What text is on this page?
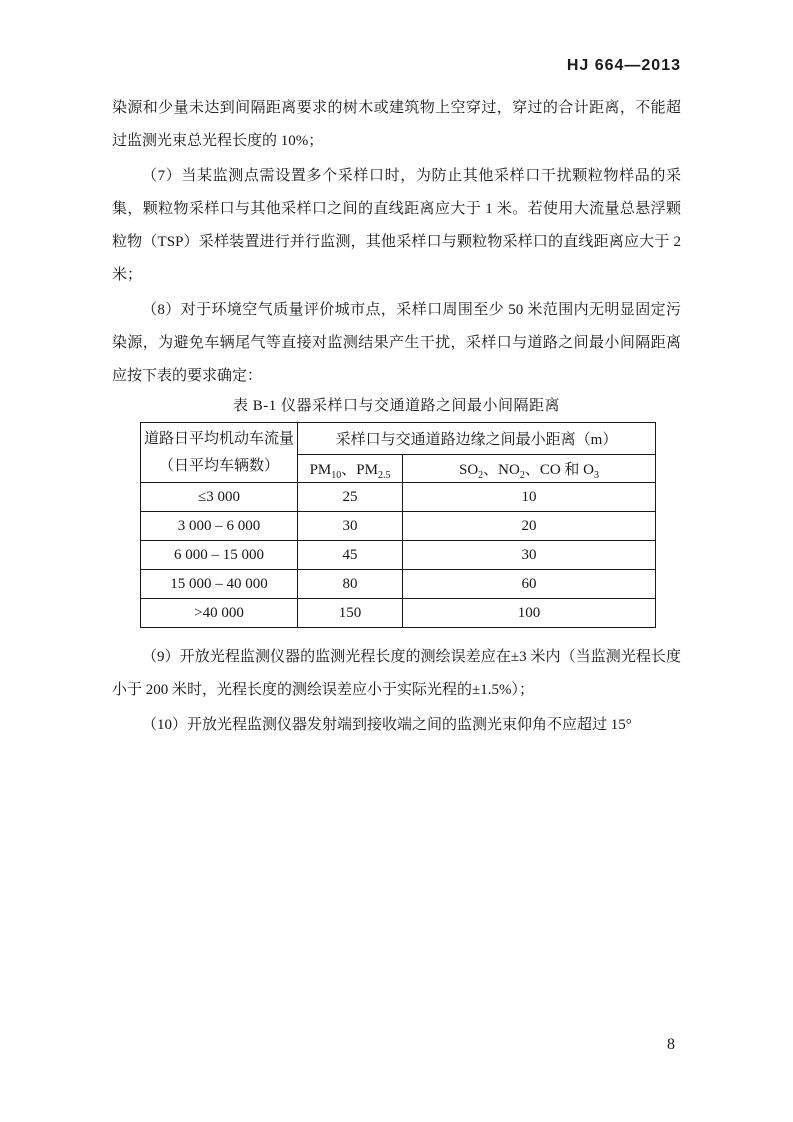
HJ 664—2013

染源和少量未达到间隔距离要求的树木或建筑物上空穿过，穿过的合计距离，不能超过监测光束总光程长度的 10%；

（7）当某监测点需设置多个采样口时，为防止其他采样口干扰颗粒物样品的采集，颗粒物采样口与其他采样口之间的直线距离应大于 1 米。若使用大流量总悬浮颗粒物（TSP）采样装置进行并行监测，其他采样口与颗粒物采样口的直线距离应大于 2 米；

（8）对于环境空气质量评价城市点，采样口周围至少 50 米范围内无明显固定污染源，为避免车辆尾气等直接对监测结果产生干扰，采样口与道路之间最小间隔距离应按下表的要求确定：

表 B-1 仪器采样口与交通道路之间最小间隔距离
道路日平均机动车流量
（日平均车辆数）	采样口与交通道路边缘之间最小距离（m）	
	$PM_{10}$、$PM_{2.5}$	$SO_2$、$NO_2$、CO 和 $O_3$
≤3 000	25	10
3 000 – 6 000	30	20
6 000 – 15 000	45	30
15 000 – 40 000	80	60
>40 000	150	100

（9）开放光程监测仪器的监测光程长度的测绘误差应在±3 米内（当监测光程长度小于 200 米时，光程长度的测绘误差应小于实际光程的±1.5%）；

（10）开放光程监测仪器发射端到接收端之间的监测光束仰角不应超过 15°

8
